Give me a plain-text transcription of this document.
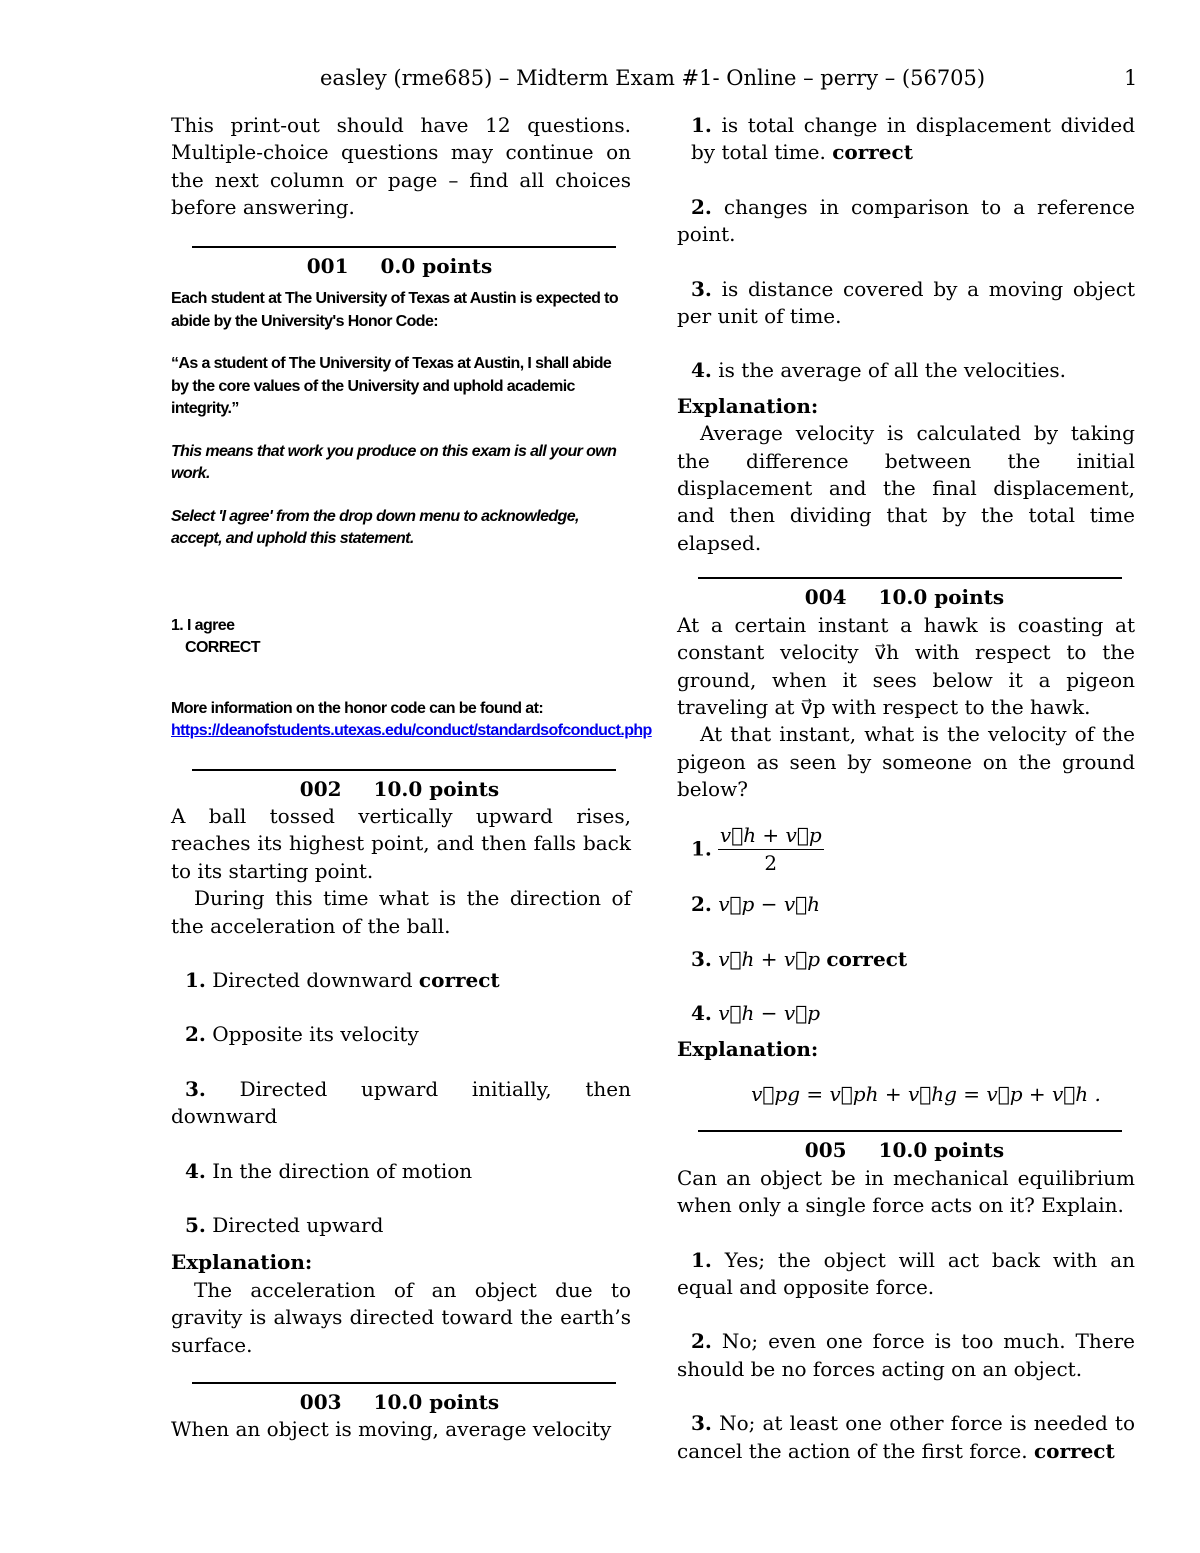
easley (rme685) – Midterm Exam #1- Online – perry – (56705)	1

This print-out should have 12 questions. Multiple-choice questions may continue on the next column or page – find all choices before answering.

001 0.0 points

Each student at The University of Texas at Austin is expected to abide by the University's Honor Code:

“As a student of The University of Texas at Austin, I shall abide by the core values of the University and uphold academic integrity.”

This means that work you produce on this exam is all your own work.

Select 'I agree' from the drop down menu to acknowledge, accept, and uphold this statement.

1. I agree

CORRECT

More information on the honor code can be found at:

https://deanofstudents.utexas.edu/conduct/standardsofconduct.php

002 10.0 points

A ball tossed vertically upward rises, reaches its highest point, and then falls back to its starting point.

During this time what is the direction of the acceleration of the ball.

1. Directed downward correct

2. Opposite its velocity

3. Directed upward initially, then downward

4. In the direction of motion

5. Directed upward

Explanation:

The acceleration of an object due to gravity is always directed toward the earth’s surface.

003 10.0 points

When an object is moving, average velocity

1. is total change in displacement divided by total time. correct

2. changes in comparison to a reference point.

3. is distance covered by a moving object per unit of time.

4. is the average of all the velocities.

Explanation:

Average velocity is calculated by taking the difference between the initial displacement and the final displacement, and then dividing that by the total time elapsed.

004 10.0 points

At a certain instant a hawk is coasting at constant velocity v⃗h with respect to the ground, when it sees below it a pigeon traveling at v⃗p with respect to the hawk.

At that instant, what is the velocity of the pigeon as seen by someone on the ground below?

1. $\frac{v⃗h + v⃗p}{2}$

2. v⃗p − v⃗h

3. v⃗h + v⃗p correct

4. v⃗h − v⃗p

Explanation:

v⃗pg = v⃗ph + v⃗hg = v⃗p + v⃗h .

005 10.0 points

Can an object be in mechanical equilibrium when only a single force acts on it? Explain.

1. Yes; the object will act back with an equal and opposite force.

2. No; even one force is too much. There should be no forces acting on an object.

3. No; at least one other force is needed to cancel the action of the first force. correct
